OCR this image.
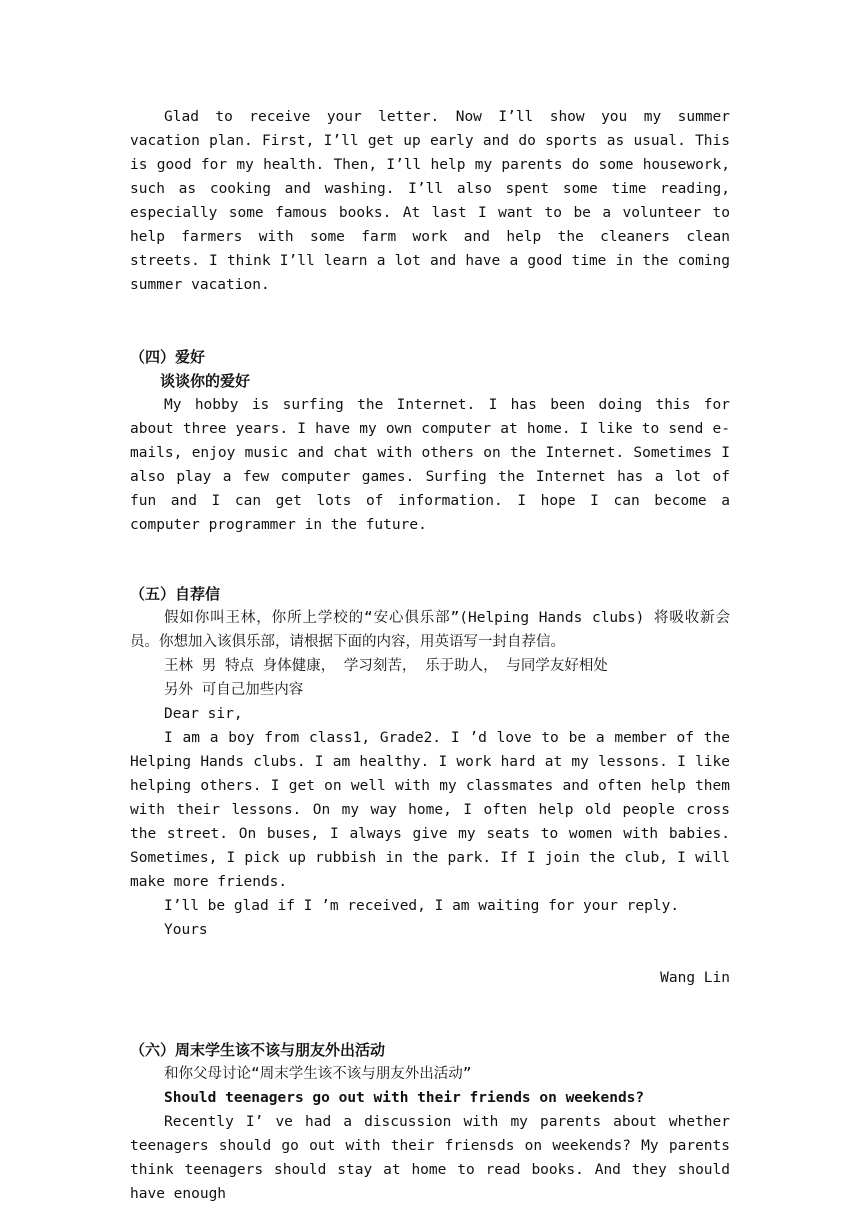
Glad to receive your letter. Now I’ll show you my summer vacation plan. First, I’ll get up early and do sports as usual. This is good for my health. Then, I’ll help my parents do some housework, such as cooking and washing. I’ll also spent some time reading, especially some famous books. At last I want to be a volunteer to help farmers with some farm work and help the cleaners clean streets. I think I’ll learn a lot and have a good time in the coming summer vacation.

（四）爱好

谈谈你的爱好

My hobby is surfing the Internet. I has been doing this for about three years. I have my own computer at home. I like to send e-mails, enjoy music and chat with others on the Internet. Sometimes I also play a few computer games. Surfing the Internet has a lot of fun and I can get lots of information. I hope I can become a computer programmer in the future.

（五）自荐信

假如你叫王林，你所上学校的“安心俱乐部”(Helping Hands clubs) 将吸收新会员。你想加入该俱乐部，请根据下面的内容，用英语写一封自荐信。

王林 男 特点 身体健康， 学习刻苦， 乐于助人， 与同学友好相处

另外 可自己加些内容

Dear sir,

I am a boy from class1, Grade2. I ’d love to be a member of the Helping Hands clubs. I am healthy. I work hard at my lessons. I like helping others. I get on well with my classmates and often help them with their lessons. On my way home, I often help old people cross the street. On buses, I always give my seats to women with babies. Sometimes, I pick up rubbish in the park. If I join the club, I will make more friends.

I’ll be glad if I ’m received, I am waiting for your reply.

Yours

Wang Lin

（六）周末学生该不该与朋友外出活动

和你父母讨论“周末学生该不该与朋友外出活动”

Should teenagers go out with their friends on weekends?

Recently I’ ve had a discussion with my parents about whether teenagers should go out with their friensds on weekends? My parents think teenagers should stay at home to read books. And they should have enough
